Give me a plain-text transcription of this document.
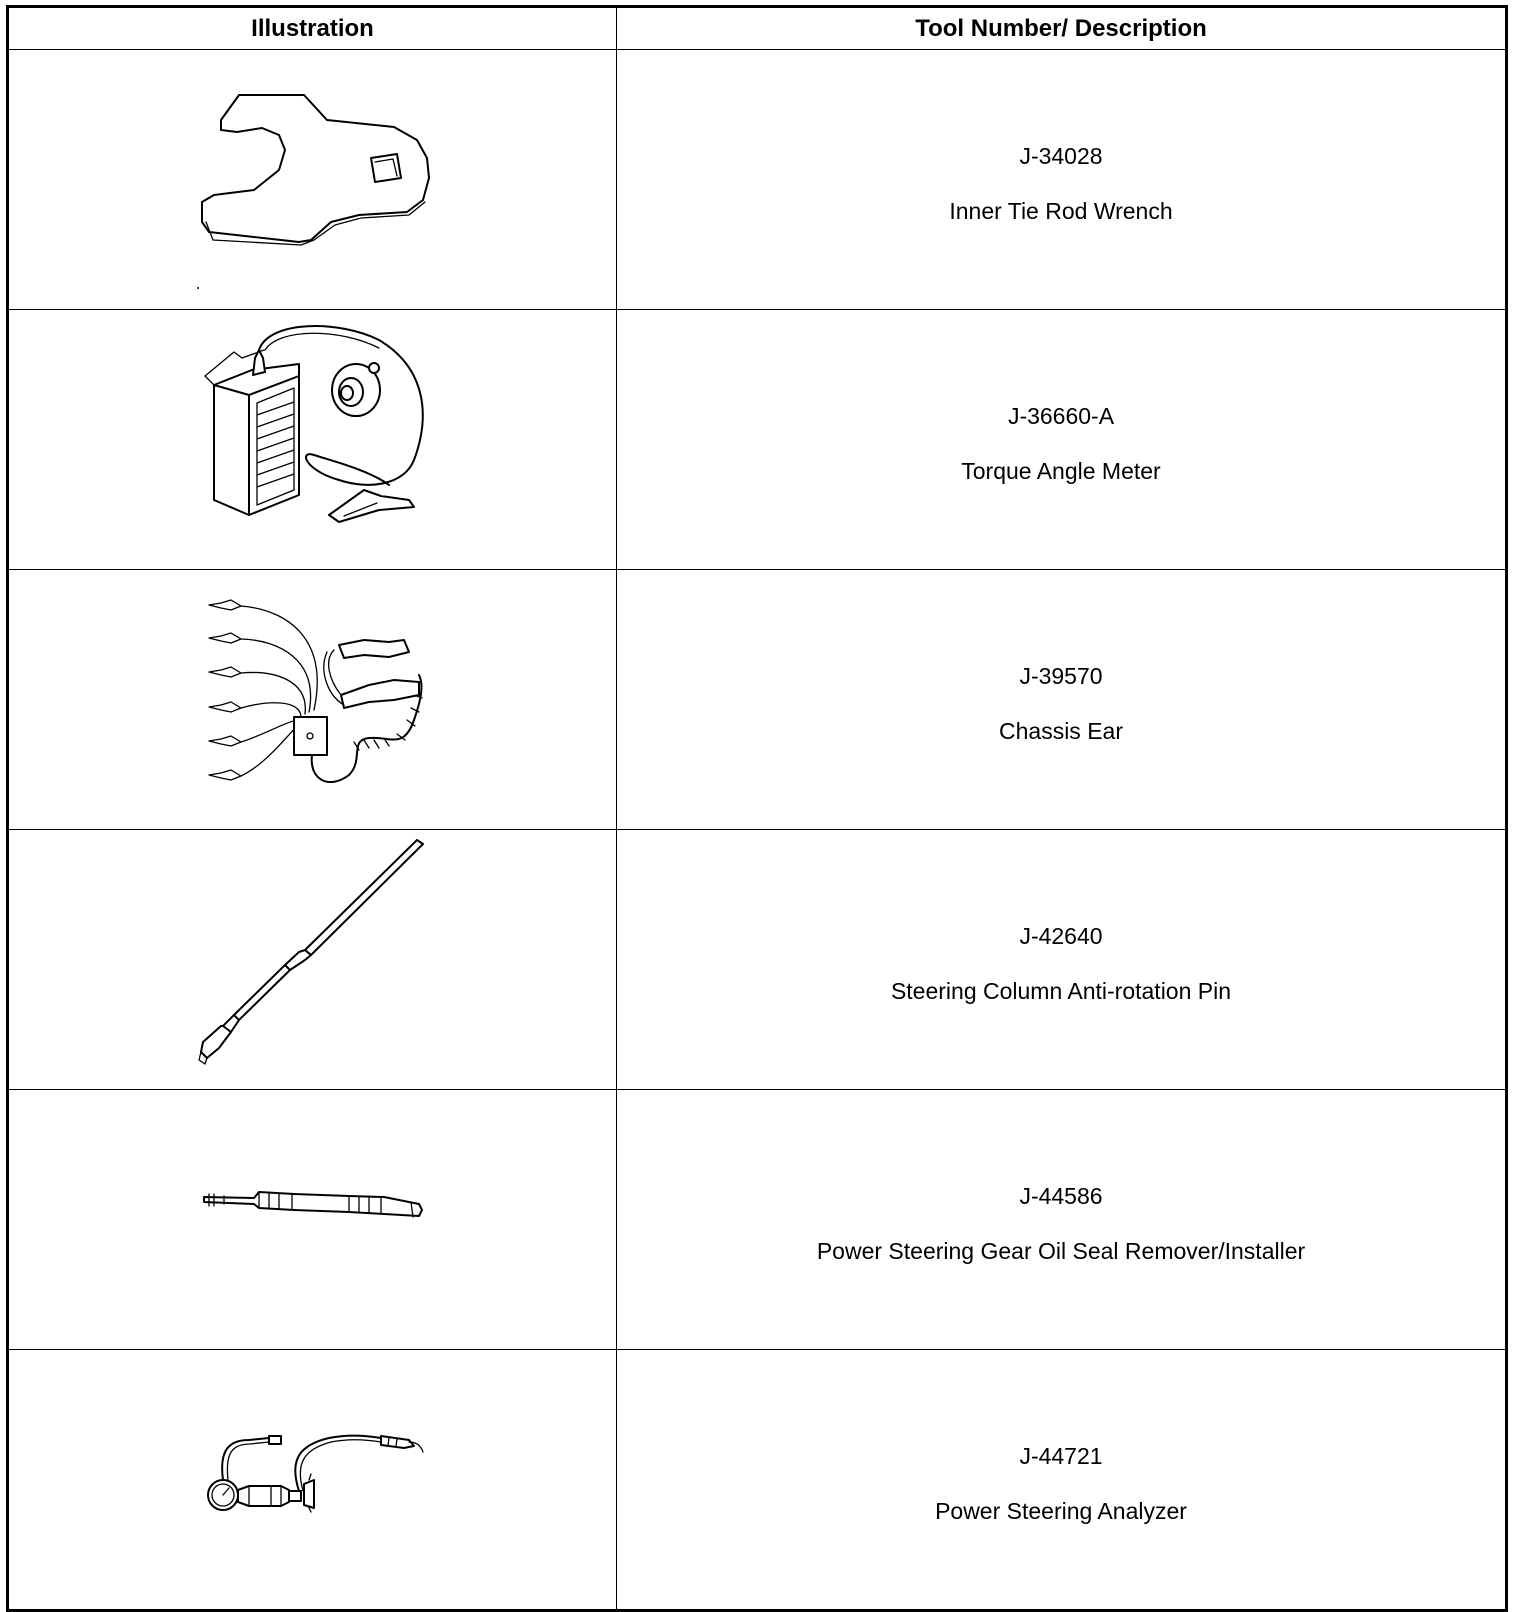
Illustration	Tool Number/ Description

J-34028
Inner Tie Rod Wrench

J-36660-A
Torque Angle Meter

J-39570
Chassis Ear

J-42640
Steering Column Anti-rotation Pin

J-44586
Power Steering Gear Oil Seal Remover/Installer

J-44721
Power Steering Analyzer
